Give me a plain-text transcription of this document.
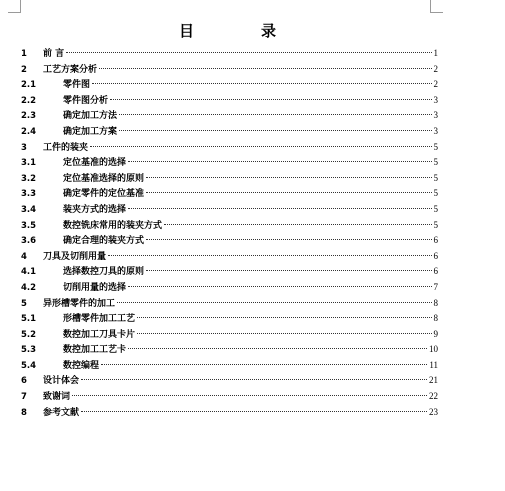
目　录
1	前 言	1
2	工艺方案分析	2
2.1	零件图	2
2.2	零件图分析	3
2.3	确定加工方法	3
2.4	确定加工方案	3
3	工件的装夹	5
3.1	定位基准的选择	5
3.2	定位基准选择的原则	5
3.3	确定零件的定位基准	5
3.4	装夹方式的选择	5
3.5	数控铣床常用的装夹方式	5
3.6	确定合理的装夹方式	6
4	刀具及切削用量	6
4.1	选择数控刀具的原则	6
4.2	切削用量的选择	7
5	异形槽零件的加工	8
5.1	形槽零件加工工艺	8
5.2	数控加工刀具卡片	9
5.3	数控加工工艺卡	10
5.4	数控编程	11
6	设计体会	21
7	致谢词	22
8	参考文献	23
